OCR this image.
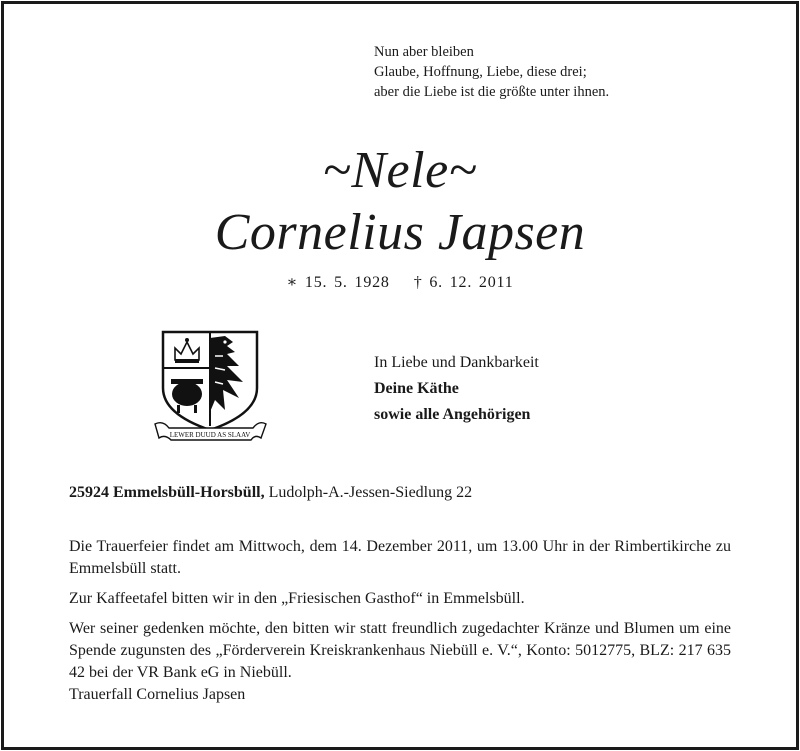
Nun aber bleiben
Glaube, Hoffnung, Liebe, diese drei;
aber die Liebe ist die größte unter ihnen.
~Nele~
Cornelius Japsen
∗ 15. 5. 1928 † 6. 12. 2011
LEWER DUUD AS SLAAV
In Liebe und Dankbarkeit
Deine Käthe
sowie alle Angehörigen
25924 Emmelsbüll-Horsbüll, Ludolph-A.-Jessen-Siedlung 22

Die Trauerfeier findet am Mittwoch, dem 14. Dezember 2011, um 13.00 Uhr in der Rimbertikirche zu Emmelsbüll statt.

Zur Kaffeetafel bitten wir in den „Friesischen Gasthof“ in Emmelsbüll.

Wer seiner gedenken möchte, den bitten wir statt freundlich zugedachter Kränze und Blumen um eine Spende zugunsten des „Förderverein Kreiskrankenhaus Niebüll e. V.“, Konto: 5012775, BLZ: 217 635 42 bei der VR Bank eG in Niebüll.

Trauerfall Cornelius Japsen
